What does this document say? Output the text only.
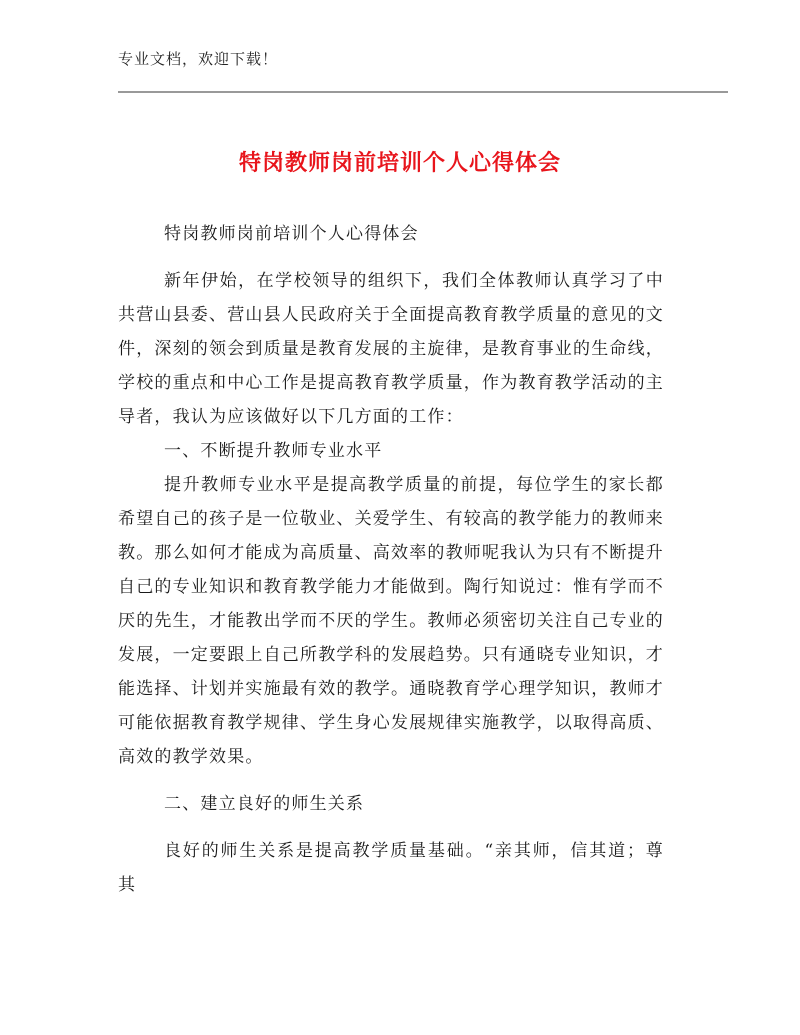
专业文档，欢迎下载！
特岗教师岗前培训个人心得体会

特岗教师岗前培训个人心得体会

新年伊始，在学校领导的组织下，我们全体教师认真学习了中共营山县委、营山县人民政府关于全面提高教育教学质量的意见的文件，深刻的领会到质量是教育发展的主旋律，是教育事业的生命线，学校的重点和中心工作是提高教育教学质量，作为教育教学活动的主导者，我认为应该做好以下几方面的工作：

一、不断提升教师专业水平

提升教师专业水平是提高教学质量的前提，每位学生的家长都希望自己的孩子是一位敬业、关爱学生、有较高的教学能力的教师来教。那么如何才能成为高质量、高效率的教师呢我认为只有不断提升自己的专业知识和教育教学能力才能做到。陶行知说过：惟有学而不厌的先生，才能教出学而不厌的学生。教师必须密切关注自己专业的发展，一定要跟上自己所教学科的发展趋势。只有通晓专业知识，才能选择、计划并实施最有效的教学。通晓教育学心理学知识，教师才可能依据教育教学规律、学生身心发展规律实施教学，以取得高质、高效的教学效果。

二、建立良好的师生关系

良好的师生关系是提高教学质量基础。“亲其师，信其道；尊其
